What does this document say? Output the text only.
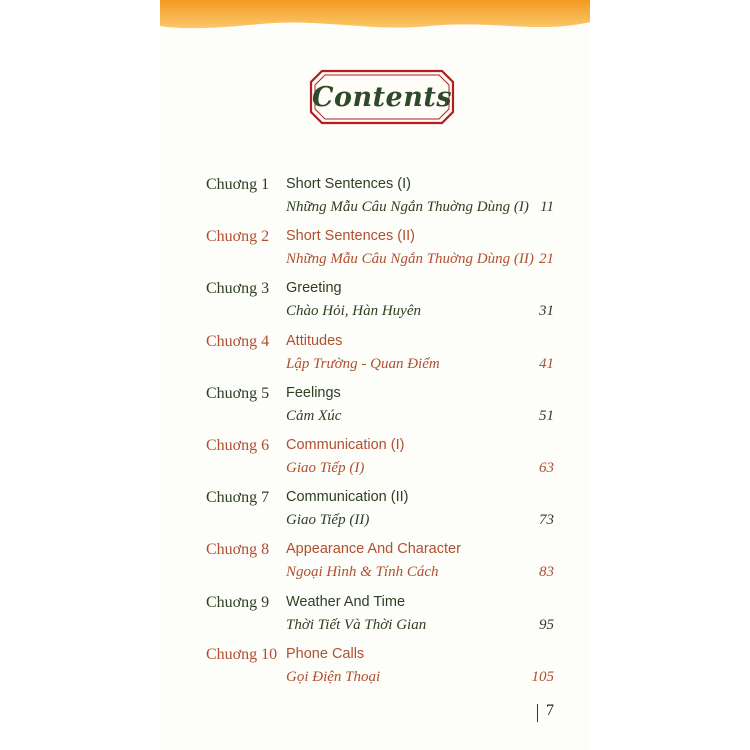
Contents
Chuơng 1	Short Sentences (I)
Những Mẫu Câu Ngắn Thuờng Dùng (I) 11
Chuơng 2	Short Sentences (II)
Những Mẫu Câu Ngắn Thuờng Dùng (II) 21
Chuơng 3	Greeting
Chào Hỏi, Hàn Huyên	31
Chuơng 4	Attitudes
Lập Trường - Quan Điểm	41
Chuơng 5	Feelings
Cảm Xúc	51
Chuơng 6	Communication (I)
Giao Tiếp (I)	63
Chuơng 7	Communication (II)
Giao Tiếp (II)	73
Chuơng 8	Appearance And Character
Ngoại Hình & Tính Cách	83
Chuơng 9	Weather And Time
Thời Tiết Và Thời Gian	95
Chuơng 10 Phone Calls
Gọi Điện Thoại	105
7
